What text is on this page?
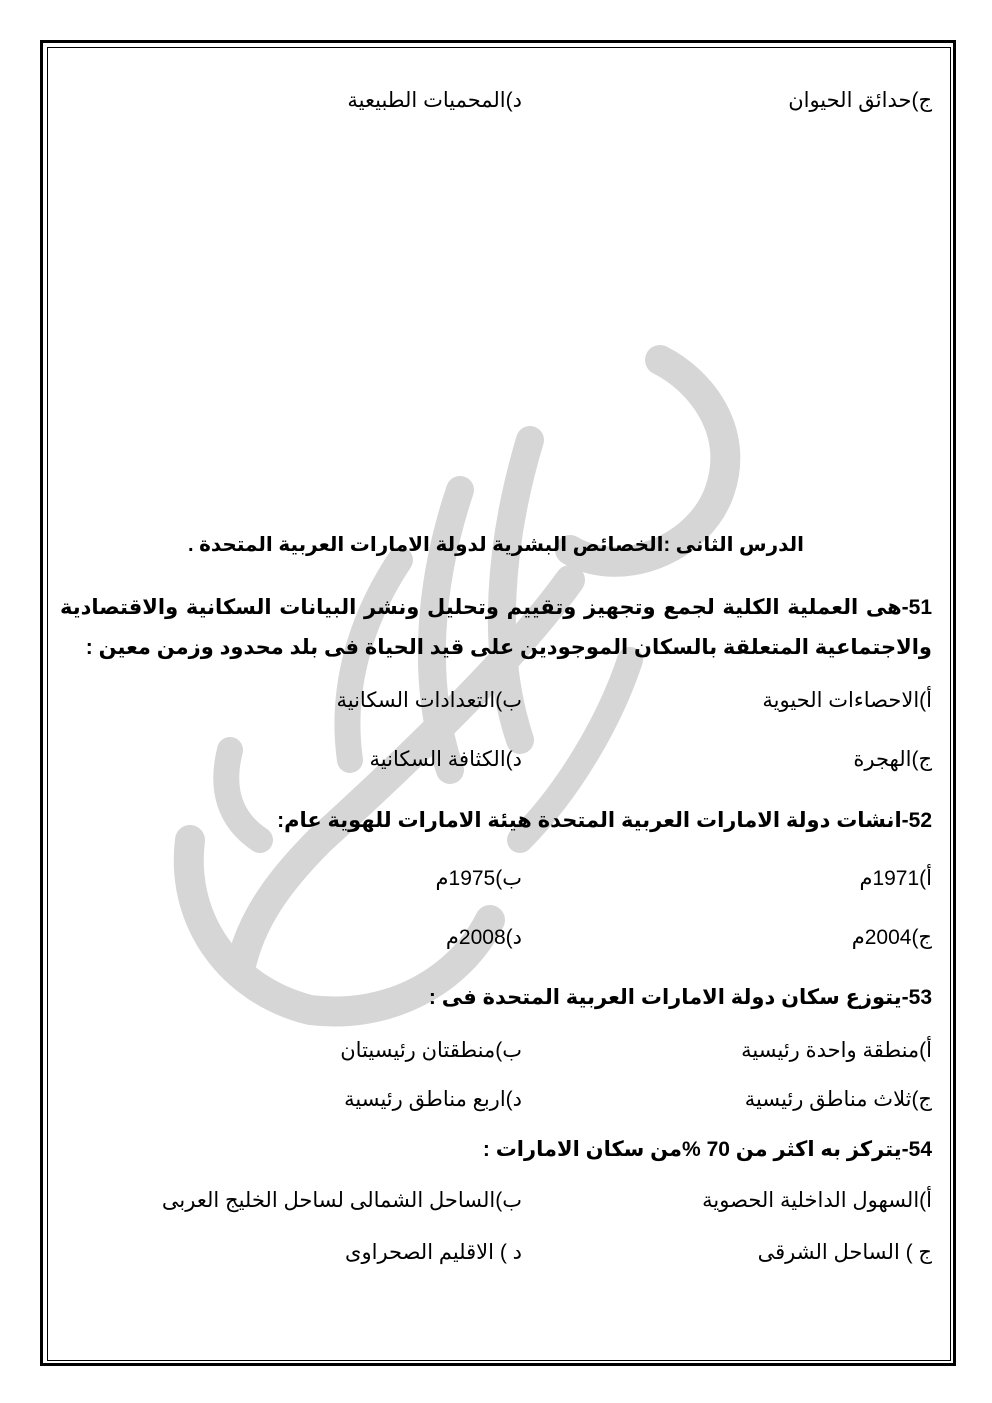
ج)حدائق الحيوان
د)المحميات الطبيعية
الدرس الثانى :الخصائص البشرية لدولة الامارات العربية المتحدة .
51-هى العملية الكلية لجمع وتجهيز وتقييم وتحليل ونشر البيانات السكانية والاقتصادية والاجتماعية المتعلقة بالسكان الموجودين على قيد الحياة فى بلد محدود وزمن معين :
أ)الاحصاءات الحيوية
ب)التعدادات السكانية
ج)الهجرة
د)الكثافة السكانية
52-انشات دولة الامارات العربية المتحدة هيئة الامارات للهوية عام:
أ)1971م
ب)1975م
ج)2004م
د)2008م
53-يتوزع سكان دولة الامارات العربية المتحدة فى :
أ)منطقة واحدة رئيسية
ب)منطقتان رئيسيتان
ج)ثلاث مناطق رئيسية
د)اربع مناطق رئيسية
54-يتركز به اكثر من 70 %من سكان الامارات :
أ)السهول الداخلية الحصوية
ب)الساحل الشمالى لساحل الخليج العربى
ج ) الساحل الشرقى
د ) الاقليم الصحراوى
